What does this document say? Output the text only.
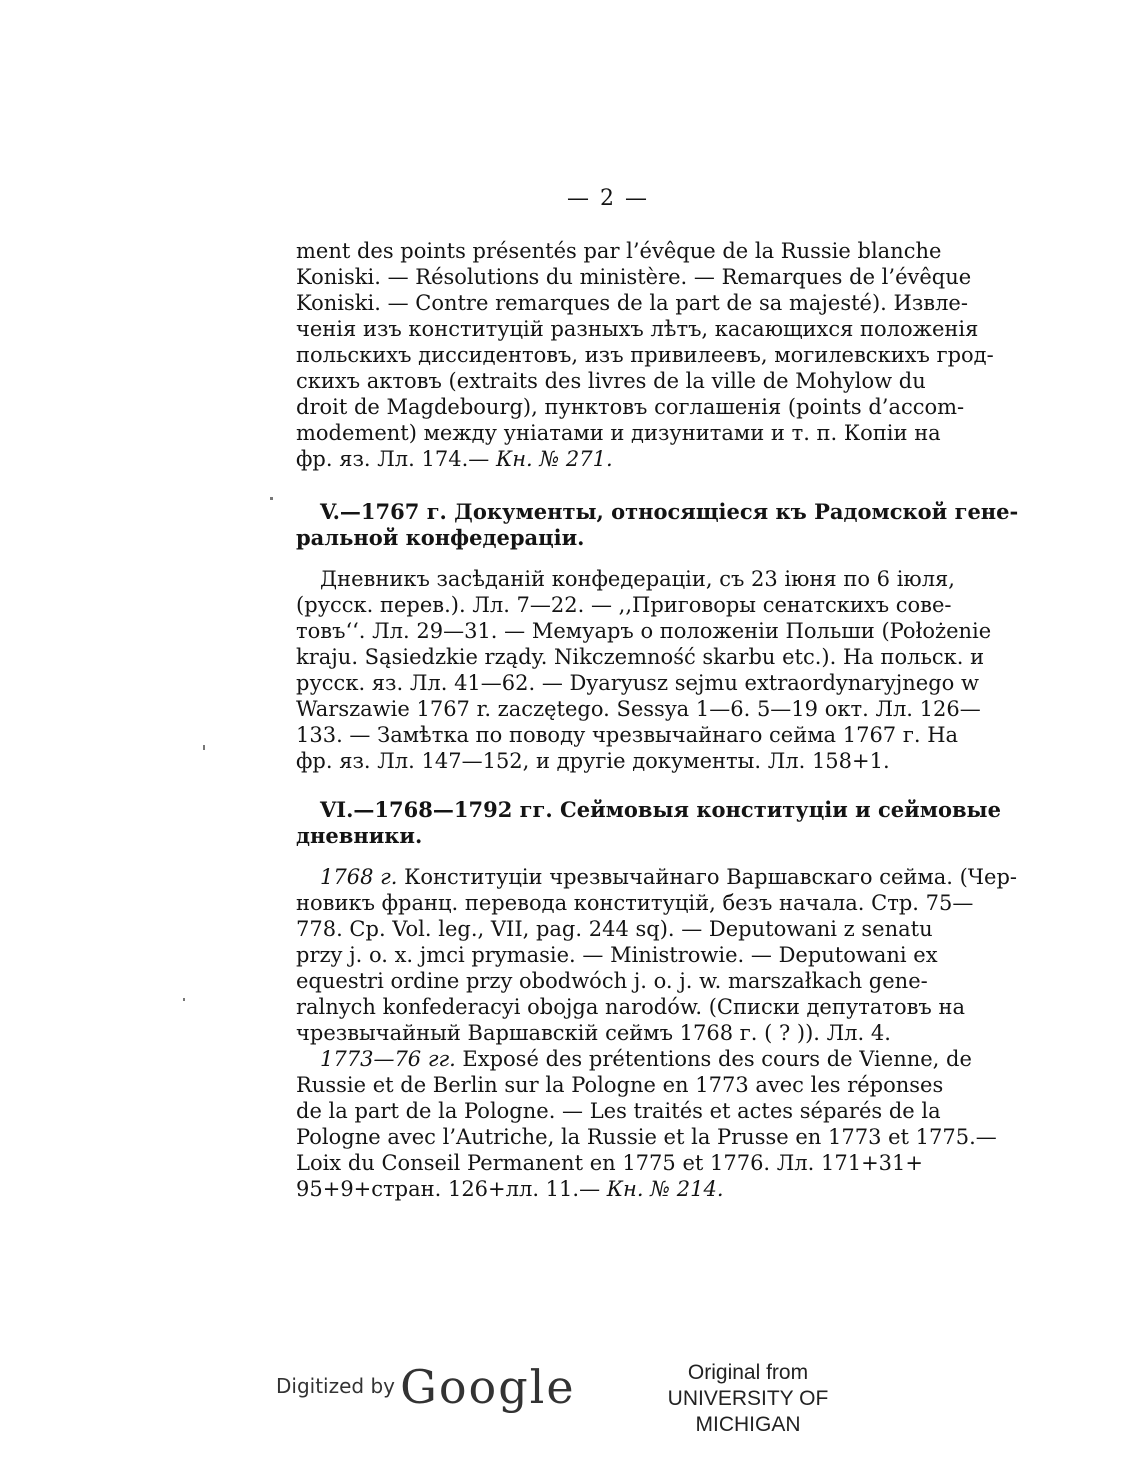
— 2 —
ment des points présentés par l’évêque de la Russie blanche
Koniski. — Résolutions du ministère. — Remarques de l’évêque
Koniski. — Contre remarques de la part de sa majesté). Извле-
ченія изъ конституцій разныхъ лѣтъ, касающихся положенія
польскихъ диссидентовъ, изъ привилеевъ, могилевскихъ грод-
скихъ актовъ (extraits des livres de la ville de Mohylow du
droit de Magdebourg), пунктовъ соглашенія (points d’accom-
modement) между уніатами и дизунитами и т. п. Копіи на
фр. яз. Лл. 174.— Кн. № 271.
V.—1767 г. Документы, относящіеся къ Радомской гене-
ральной конфедераціи.
Дневникъ засѣданій конфедераціи, съ 23 іюня по 6 іюля,
(русск. перев.). Лл. 7—22. — ,,Приговоры сенатскихъ сове-
товъ‘‘. Лл. 29—31. — Мемуаръ о положеніи Польши (Położenie
kraju. Sąsiedzkie rządy. Nikczemność skarbu etc.). На польск. и
русск. яз. Лл. 41—62. — Dyaryusz sejmu extraordynaryjnego w
Warszawie 1767 r. zaczętego. Sessya 1—6. 5—19 окт. Лл. 126—
133. — Замѣтка по поводу чрезвычайнаго сейма 1767 г. На
фр. яз. Лл. 147—152, и другіе документы. Лл. 158+1.
VI.—1768—1792 гг. Сеймовыя конституціи и сеймовые
дневники.
1768 г. Конституціи чрезвычайнаго Варшавскаго сейма. (Чер-
новикъ франц. перевода конституцій, безъ начала. Стр. 75—
778. Cp. Vol. leg., VII, pag. 244 sq). — Deputowani z senatu
przy j. o. x. jmci prymasie. — Ministrowie. — Deputowani ex
equestri ordine przy obodwóch j. o. j. w. marszałkach gene-
ralnych konfederacyi obojga narodów. (Списки депутатовъ на
чрезвычайный Варшавскій сеймъ 1768 г. ( ? )). Лл. 4.
1773—76 гг. Exposé des prétentions des cours de Vienne, de
Russie et de Berlin sur la Pologne en 1773 avec les réponses
de la part de la Pologne. — Les traités et actes séparés de la
Pologne avec l’Autriche, la Russie et la Prusse en 1773 et 1775.—
Loix du Conseil Permanent en 1775 et 1776. Лл. 171+31+
95+9+стран. 126+лл. 11.— Кн. № 214.
Digitized by Google	Original from
UNIVERSITY OF MICHIGAN
